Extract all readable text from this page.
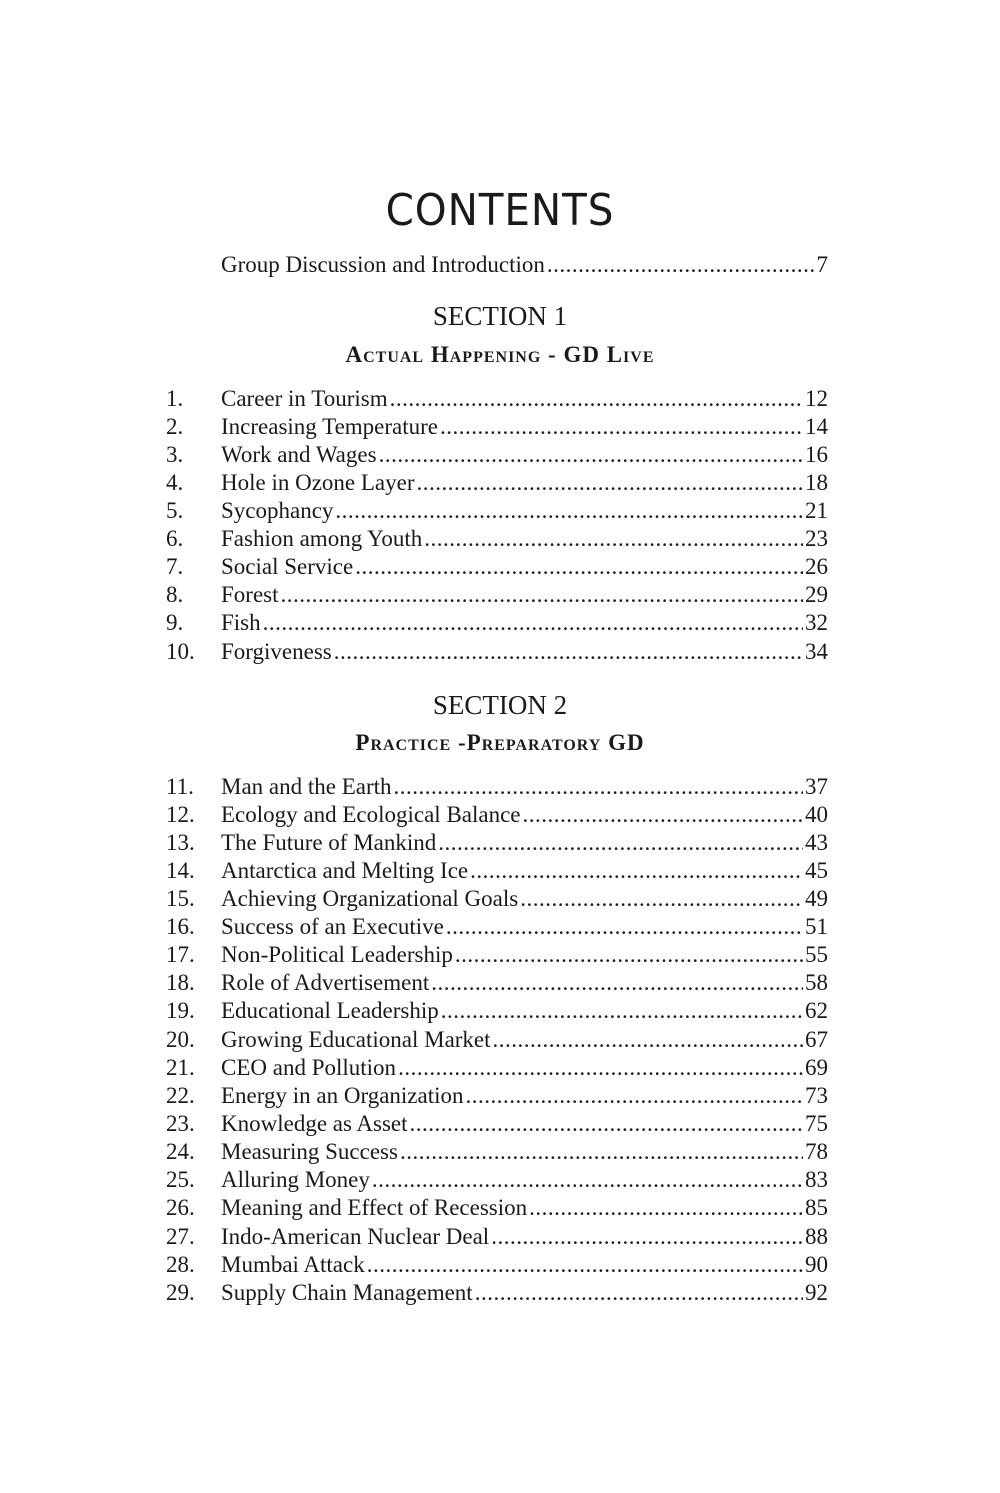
CONTENTS
Group Discussion and Introduction .....	7
SECTION 1
Actual Happening - GD Live
1.	Career in Tourism .....	12
2.	Increasing Temperature .....	14
3.	Work and Wages .....	16
4.	Hole in Ozone Layer .....	18
5.	Sycophancy .....	21
6.	Fashion among Youth .....	23
7.	Social Service .....	26
8.	Forest .....	29
9.	Fish .....	32
10.	Forgiveness .....	34
SECTION 2
Practice -Preparatory GD
11.	Man and the Earth .....	37
12.	Ecology and Ecological Balance .....	40
13.	The Future of Mankind .....	43
14.	Antarctica and Melting Ice .....	45
15.	Achieving Organizational Goals .....	49
16.	Success of an Executive .....	51
17.	Non-Political Leadership .....	55
18.	Role of Advertisement .....	58
19.	Educational Leadership .....	62
20.	Growing Educational Market .....	67
21.	CEO and Pollution .....	69
22.	Energy in an Organization .....	73
23.	Knowledge as Asset .....	75
24.	Measuring Success .....	78
25.	Alluring Money .....	83
26.	Meaning and Effect of Recession .....	85
27.	Indo-American Nuclear Deal .....	88
28.	Mumbai Attack .....	90
29.	Supply Chain Management .....	92
